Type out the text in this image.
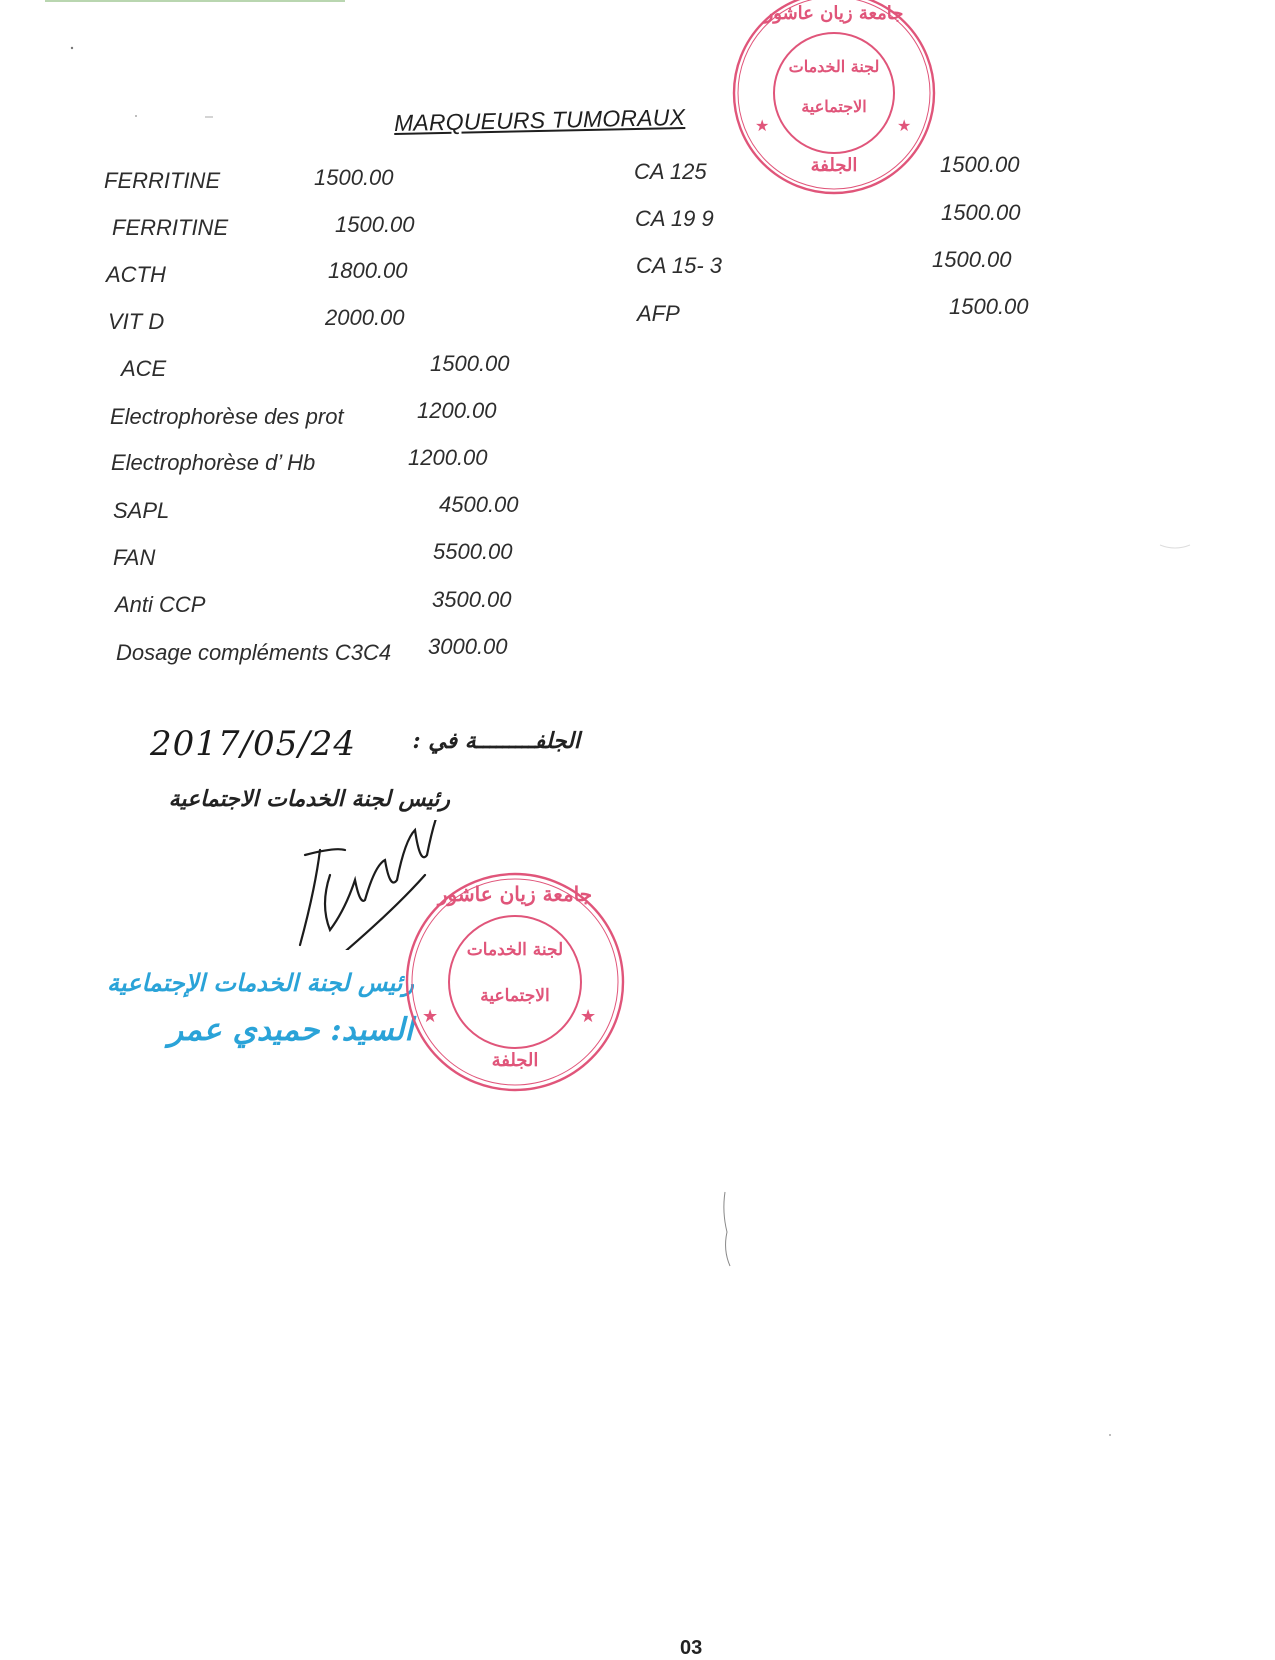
MARQUEURS TUMORAUX
FERRITINE	1500.00
FERRITINE	1500.00
ACTH	1800.00
VIT D	2000.00
ACE	1500.00
Electrophorèse des prot	1200.00
Electrophorèse d’ Hb	1200.00
SAPL	4500.00
FAN	5500.00
Anti CCP	3500.00
Dosage compléments C3C4 3000.00
CA 125	1500.00
CA 19 9	1500.00
CA 15- 3	1500.00
AFP	1500.00
الجلفـــــــــة في :
2017/05/24
رئيس لجنة الخدمات الاجتماعية
رئيس لجنة الخدمات الإجتماعية
السيد: حميدي عمر
★	★
جامعة زيان عاشور
لجنة الخدمات
الاجتماعية
الجلفة
★	★
جامعة زيان عاشور
لجنة الخدمات
الاجتماعية
الجلفة
03
